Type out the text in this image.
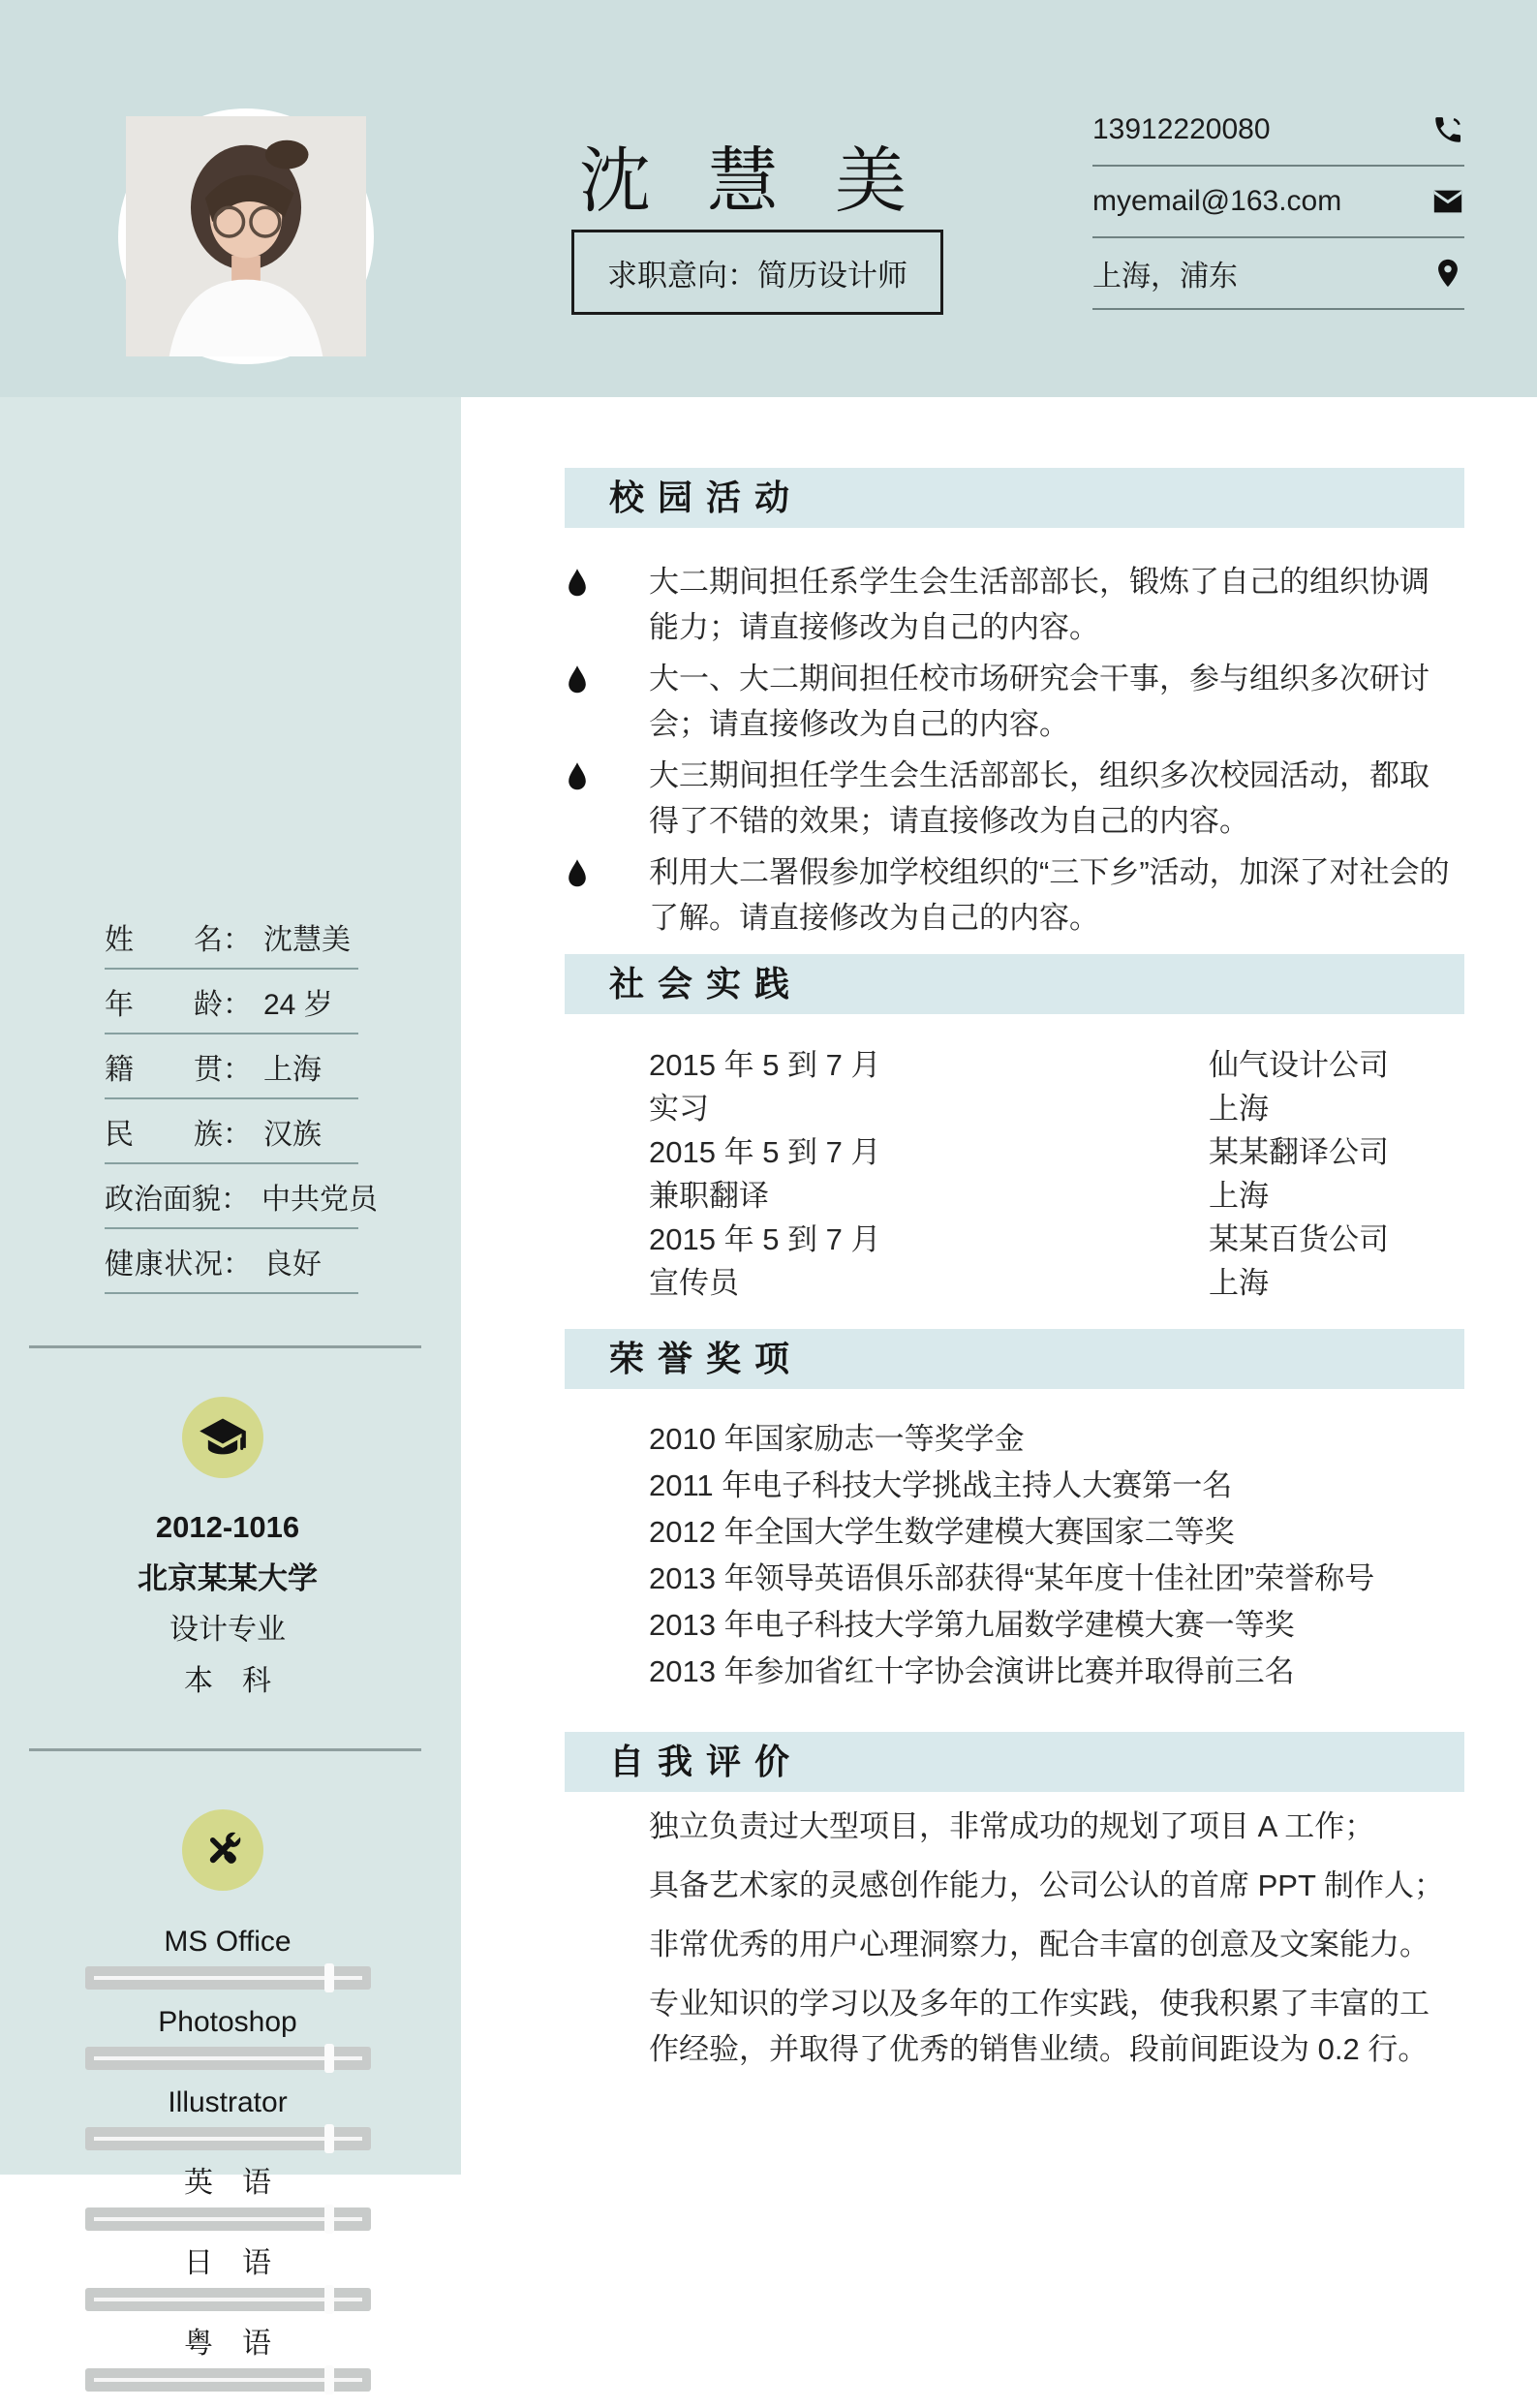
沈慧美
求职意向：简历设计师
13912220080
myemail@163.com
上海，浦东
姓名 ： 沈慧美
年龄 ： 24 岁
籍贯 ： 上海
民族 ： 汉族
政治面貌 ： 中共党员
健康状况 ： 良好
2012-1016
北京某某大学
设计专业
本　科
MS Office
Photoshop
Illustrator
英　语
日　语
粤　语
校园活动
大二期间担任系学生会生活部部长，锻炼了自己的组织协调能力；请直接修改为自己的内容。
大一、大二期间担任校市场研究会干事，参与组织多次研讨会；请直接修改为自己的内容。
大三期间担任学生会生活部部长，组织多次校园活动，都取得了不错的效果；请直接修改为自己的内容。
利用大二署假参加学校组织的“三下乡”活动，加深了对社会的了解。请直接修改为自己的内容。
社会实践
2015 年 5 到 7 月
实习
仙气设计公司
上海
2015 年 5 到 7 月
兼职翻译
某某翻译公司
上海
2015 年 5 到 7 月
宣传员
某某百货公司
上海
荣誉奖项
2010 年国家励志一等奖学金
2011 年电子科技大学挑战主持人大赛第一名
2012 年全国大学生数学建模大赛国家二等奖
2013 年领导英语俱乐部获得“某年度十佳社团”荣誉称号
2013 年电子科技大学第九届数学建模大赛一等奖
2013 年参加省红十字协会演讲比赛并取得前三名
自我评价
独立负责过大型项目，非常成功的规划了项目 A 工作；
具备艺术家的灵感创作能力，公司公认的首席 PPT 制作人；
非常优秀的用户心理洞察力，配合丰富的创意及文案能力。
专业知识的学习以及多年的工作实践，使我积累了丰富的工作经验，并取得了优秀的销售业绩。段前间距设为 0.2 行。
